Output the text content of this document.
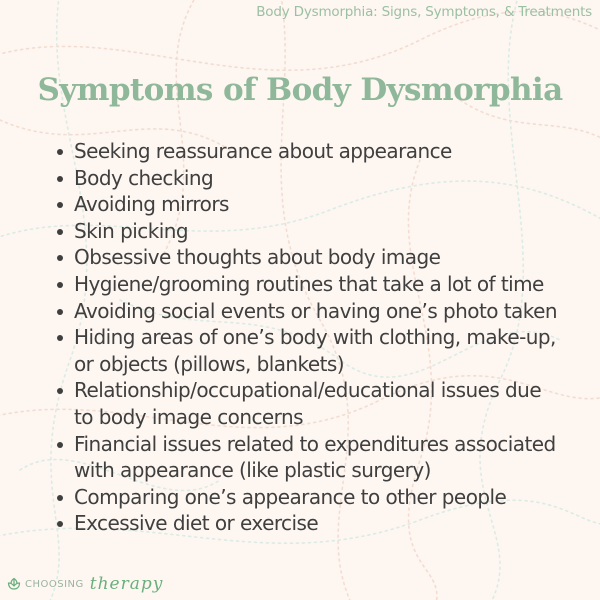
Body Dysmorphia: Signs, Symptoms, & Treatments
Symptoms of Body Dysmorphia
Seeking reassurance about appearance
Body checking
Avoiding mirrors
Skin picking
Obsessive thoughts about body image
Hygiene/grooming routines that take a lot of time
Avoiding social events or having one’s photo taken
Hiding areas of one’s body with clothing, make-up,
or objects (pillows, blankets)
Relationship/occupational/educational issues due
to body image concerns
Financial issues related to expenditures associated
with appearance (like plastic surgery)
Comparing one’s appearance to other people
Excessive diet or exercise
CHOOSING therapy
